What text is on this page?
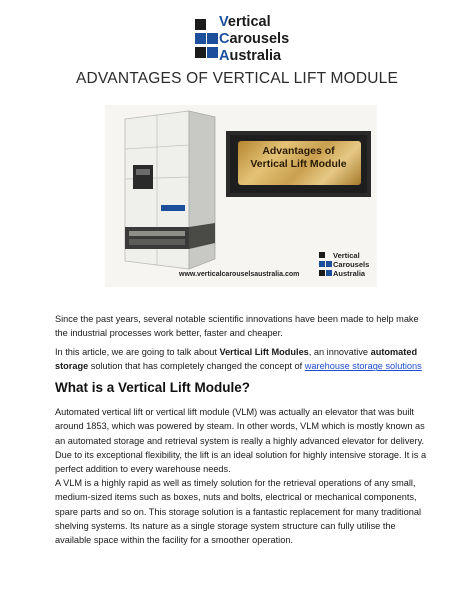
Vertical
Carousels
Australia
ADVANTAGES OF VERTICAL LIFT MODULE
Advantages of
Vertical Lift Module
Vertical
Carousels
Australia
www.verticalcarouselsaustralia.com
Since the past years, several notable scientific innovations have been made to help make the industrial processes work better, faster and cheaper.
In this article, we are going to talk about Vertical Lift Modules, an innovative automated
storage solution that has completely changed the concept of warehouse storage solutions
What is a Vertical Lift Module?
Automated vertical lift or vertical lift module (VLM) was actually an elevator that was built around 1853, which was powered by steam. In other words, VLM which is mostly known as an automated storage and retrieval system is really a highly advanced elevator for delivery. Due to its exceptional flexibility, the lift is an ideal solution for highly intensive storage. It is a perfect addition to every warehouse needs.
A VLM is a highly rapid as well as timely solution for the retrieval operations of any small, medium-sized items such as boxes, nuts and bolts, electrical or mechanical components, spare parts and so on. This storage solution is a fantastic replacement for many traditional shelving systems. Its nature as a single storage system structure can fully utilise the available space within the facility for a smoother operation.
